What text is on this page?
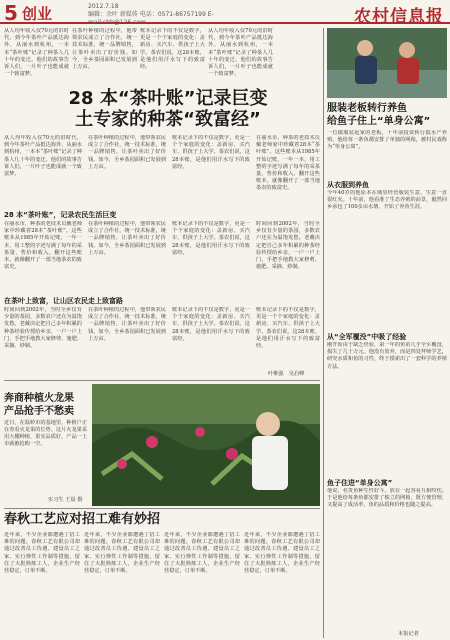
5 创业	2012.7.18
编辑：余叶 新媒传 电话：0571-86757199 E-mail:cbb@126.com	农村信息报
从人均年收入仅70元的旧时代，到今年茶叶产品抵达海外，从丽水到杭州，一本本“茶叶账”记录了种茶人几十年的变迁。他们的故事告诉人们，一片叶子也能成就一个致富梦。
在茶叶种植的过程中，他带领农民成立了合作社，统一技术标准，统一品牌销售，让茶叶卖出了好价钱。如今，全乡茶园面积已发展到上万亩。
账本记录下的不仅是数字，更是一个个家庭的变化：盖新房、买汽车、供孩子上大学。茶农们说，这28本账，是他们用汗水写下的致富经。
从人均年收入仅70元的旧时代，到今年茶叶产品抵达海外，从丽水到杭州，一本本“茶叶账”记录了种茶人几十年的变迁。他们的故事告诉人们，一片叶子也能成就一个致富梦。
28 本“茶叶账”记录巨变
土专家的种茶“致富经”
从人均年收入仅70元的旧时代，到今年茶叶产品抵达海外，从丽水到杭州，一本本“茶叶账”记录了种茶人几十年的变迁。他们的故事告诉人们，一片叶子也能成就一个致富梦。
在茶叶种植的过程中，他带领农民成立了合作社，统一技术标准，统一品牌销售，让茶叶卖出了好价钱。如今，全乡茶园面积已发展到上万亩。
账本记录下的不仅是数字，更是一个个家庭的变化：盖新房、买汽车、供孩子上大学。茶农们说，这28本账，是他们用汗水写下的致富经。
在丽水市，种茶的老技术员戴老师家中珍藏着28本“茶叶账”。这些账本从1985年开始记账，一年一本，用工整的字迹写满了每年的采茶量、售价和收入。翻开这些账本，就像翻开了一部当地茶农的致富史。
28 本“茶叶账”，记录农民生活巨变
在丽水市，种茶的老技术员戴老师家中珍藏着28本“茶叶账”。这些账本从1985年开始记账，一年一本，用工整的字迹写满了每年的采茶量、售价和收入。翻开这些账本，就像翻开了一部当地茶农的致富史。
在茶叶种植的过程中，他带领农民成立了合作社，统一技术标准，统一品牌销售，让茶叶卖出了好价钱。如今，全乡茶园面积已发展到上万亩。
账本记录下的不仅是数字，更是一个个家庭的变化：盖新房、买汽车、供孩子上大学。茶农们说，这28本账，是他们用汗水写下的致富经。
时间回到2002年，当时全乡仅有少量的茶园，多数农户还在为温饱发愁。老戴决定把自己多年积累的种茶经验传授给乡亲，一户一户上门，手把手地教大家修剪、施肥、采摘、炒制。
在茶叶上致富，让山区农民走上致富路
时间回到2002年，当时全乡仅有少量的茶园，多数农户还在为温饱发愁。老戴决定把自己多年积累的种茶经验传授给乡亲，一户一户上门，手把手地教大家修剪、施肥、采摘、炒制。
在茶叶种植的过程中，他带领农民成立了合作社，统一技术标准，统一品牌销售，让茶叶卖出了好价钱。如今，全乡茶园面积已发展到上万亩。
账本记录下的不仅是数字，更是一个个家庭的变化：盖新房、买汽车、供孩子上大学。茶农们说，这28本账，是他们用汗水写下的致富经。
账本记录下的不仅是数字，更是一个个家庭的变化：盖新房、买汽车、供孩子上大学。茶农们说，这28本账，是他们用汗水写下的致富经。
叶维强　吴启峰
奔商种植火龙果
产品抢手不愁卖
近日，在温岭市的基地里，种植户正在查看火龙果的长势。这片火龙果采用大棚种植，果实品质好，产品一上市就被抢购一空。
实习生 王晨 摄
春秋工艺应对招工难有妙招
近年来，不少企业都遭遇了招工难的问题。春秋工艺有限公司却通过改善员工待遇、建设员工之家、实行弹性工作制等措施，留住了大批熟练工人，企业生产经营稳定，订单不断。
近年来，不少企业都遭遇了招工难的问题。春秋工艺有限公司却通过改善员工待遇、建设员工之家、实行弹性工作制等措施，留住了大批熟练工人，企业生产经营稳定，订单不断。
近年来，不少企业都遭遇了招工难的问题。春秋工艺有限公司却通过改善员工待遇、建设员工之家、实行弹性工作制等措施，留住了大批熟练工人，企业生产经营稳定，订单不断。
近年来，不少企业都遭遇了招工难的问题。春秋工艺有限公司却通过改善员工待遇、建设员工之家、实行弹性工作制等措施，留住了大批熟练工人，企业生产经营稳定，订单不断。
服装老板转行养鱼
给鱼子住上“单身公寓”
一位做服装起家的老板，十年前投资转行搞水产养殖。他给每一条鱼都安排了单独的网箱，被村民戏称为“单身公寓”。
从衣服到养鱼
今年40岁的他原本在城里经营服装生意，生意一直很红火。十年前，他看准了生态养殖的前景，毅然回乡承包了100多亩水塘，开始了养鱼生涯。
从“全军覆没”中吸了经验
刚开始由于缺乏经验，第一年的鱼苗几乎全军覆没，损失了几十万元。他没有放弃，而是四处拜师学艺，研究水质和鱼的习性，终于摸索出了一套科学的养殖方法。
鱼子住进“单身公寓”
他说，名贵鱼种生性好斗，放在一起容易互相咬伤。于是他给每条鱼都安排了独立的网箱，既方便管理，又提高了成活率，鱼的品质和价格也随之提高。
本报记者
